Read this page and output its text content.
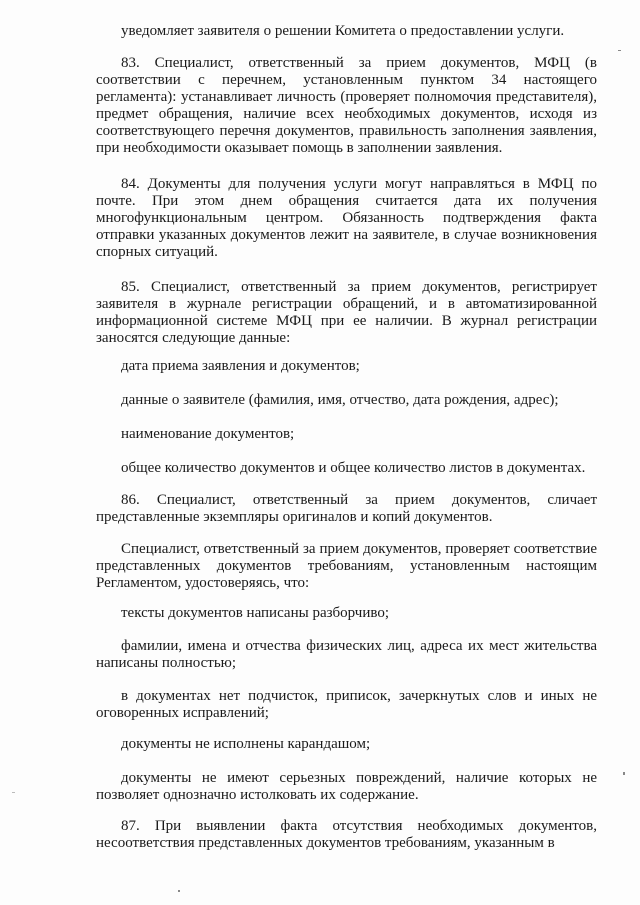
уведомляет заявителя о решении Комитета о предоставлении услуги.

83. Специалист, ответственный за прием документов, МФЦ (в соответствии с перечнем, установленным пунктом 34 настоящего регламента): устанавливает личность (проверяет полномочия представителя), предмет обращения, наличие всех необходимых документов, исходя из соответствующего перечня документов, правильность заполнения заявления, при необходимости оказывает помощь в заполнении заявления.

84. Документы для получения услуги могут направляться в МФЦ по почте. При этом днем обращения считается дата их получения многофункциональным центром. Обязанность подтверждения факта отправки указанных документов лежит на заявителе, в случае возникновения спорных ситуаций.

85. Специалист, ответственный за прием документов, регистрирует заявителя в журнале регистрации обращений, и в автоматизированной информационной системе МФЦ при ее наличии. В журнал регистрации заносятся следующие данные:

дата приема заявления и документов;

данные о заявителе (фамилия, имя, отчество, дата рождения, адрес);

наименование документов;

общее количество документов и общее количество листов в документах.

86. Специалист, ответственный за прием документов, сличает представленные экземпляры оригиналов и копий документов.

Специалист, ответственный за прием документов, проверяет соответствие представленных документов требованиям, установленным настоящим Регламентом, удостоверяясь, что:

тексты документов написаны разборчиво;

фамилии, имена и отчества физических лиц, адреса их мест жительства написаны полностью;

в документах нет подчисток, приписок, зачеркнутых слов и иных не оговоренных исправлений;

документы не исполнены карандашом;

документы не имеют серьезных повреждений, наличие которых не позволяет однозначно истолковать их содержание.

87. При выявлении факта отсутствия необходимых документов, несоответствия представленных документов требованиям, указанным в
